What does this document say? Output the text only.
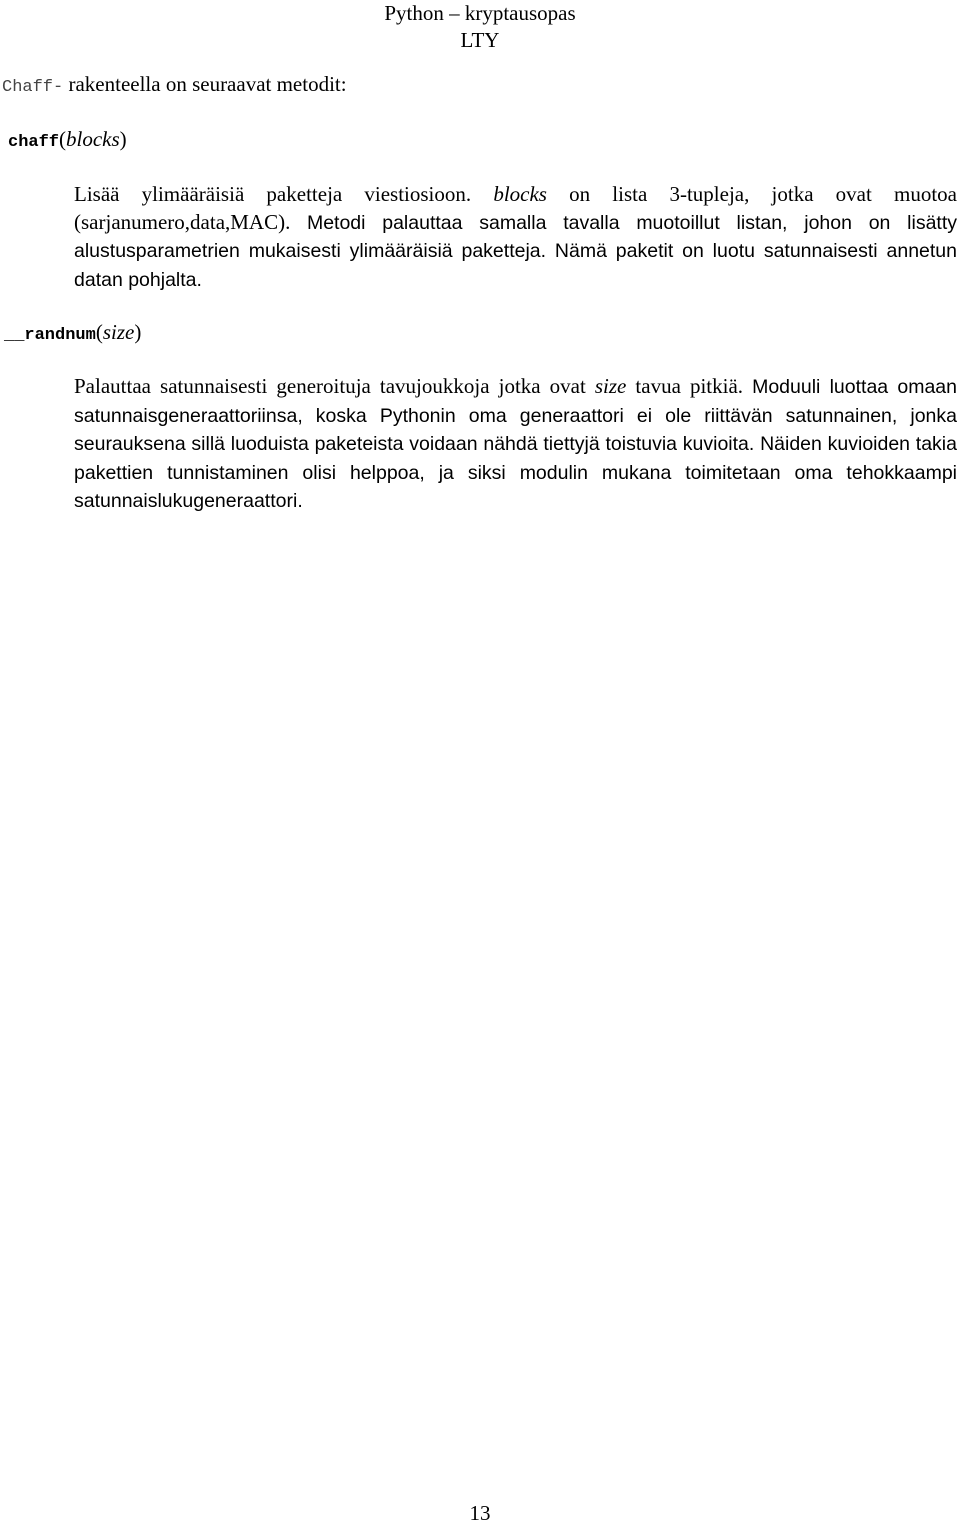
Python – kryptausopas
LTY
Chaff- rakenteella on seuraavat metodit:
chaff(blocks)

Lisää ylimääräisiä paketteja viestiosioon. blocks on lista 3-tupleja, jotka ovat muotoa (sarjanumero,data,MAC). Metodi palauttaa samalla tavalla muotoillut listan, johon on lisätty alustusparametrien mukaisesti ylimääräisiä paketteja. Nämä paketit on luotu satunnaisesti annetun datan pohjalta.

__randnum(size)

Palauttaa satunnaisesti generoituja tavujoukkoja jotka ovat size tavua pitkiä. Moduuli luottaa omaan satunnaisgeneraattoriinsa, koska Pythonin oma generaattori ei ole riittävän satunnainen, jonka seurauksena sillä luoduista paketeista voidaan nähdä tiettyjä toistuvia kuvioita. Näiden kuvioiden takia pakettien tunnistaminen olisi helppoa, ja siksi modulin mukana toimitetaan oma tehokkaampi satunnaislukugeneraattori.

13
